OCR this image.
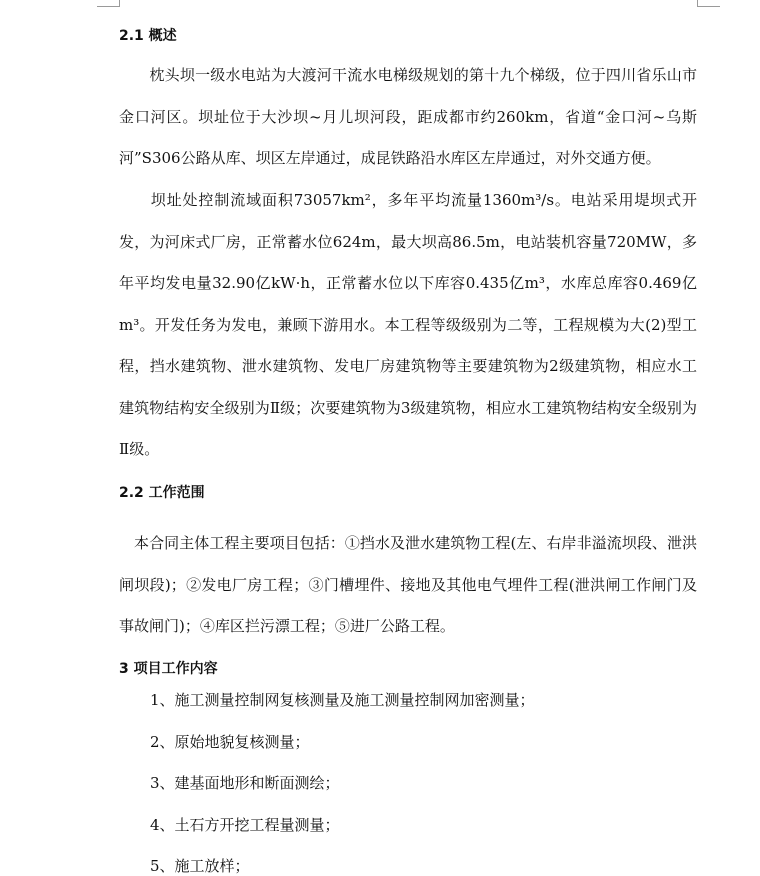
2.1 概述
　　枕头坝一级水电站为大渡河干流水电梯级规划的第十九个梯级，位于四川省乐山市金口河区。坝址位于大沙坝~月儿坝河段，距成都市约260km，省道“金口河~乌斯河”S306公路从库、坝区左岸通过，成昆铁路沿水库区左岸通过，对外交通方便。
　　坝址处控制流域面积73057km²，多年平均流量1360m³/s。电站采用堤坝式开发，为河床式厂房，正常蓄水位624m，最大坝高86.5m，电站装机容量720MW，多年平均发电量32.90亿kW·h，正常蓄水位以下库容0.435亿m³，水库总库容0.469亿m³。开发任务为发电，兼顾下游用水。本工程等级级别为二等，工程规模为大(2)型工程，挡水建筑物、泄水建筑物、发电厂房建筑物等主要建筑物为2级建筑物，相应水工建筑物结构安全级别为Ⅱ级；次要建筑物为3级建筑物，相应水工建筑物结构安全级别为Ⅱ级。
2.2 工作范围
　本合同主体工程主要项目包括：①挡水及泄水建筑物工程(左、右岸非溢流坝段、泄洪闸坝段)；②发电厂房工程；③门槽埋件、接地及其他电气埋件工程(泄洪闸工作闸门及事故闸门)；④库区拦污漂工程；⑤进厂公路工程。
3 项目工作内容
1、施工测量控制网复核测量及施工测量控制网加密测量；
2、原始地貌复核测量；
3、建基面地形和断面测绘；
4、土石方开挖工程量测量；
5、施工放样；
